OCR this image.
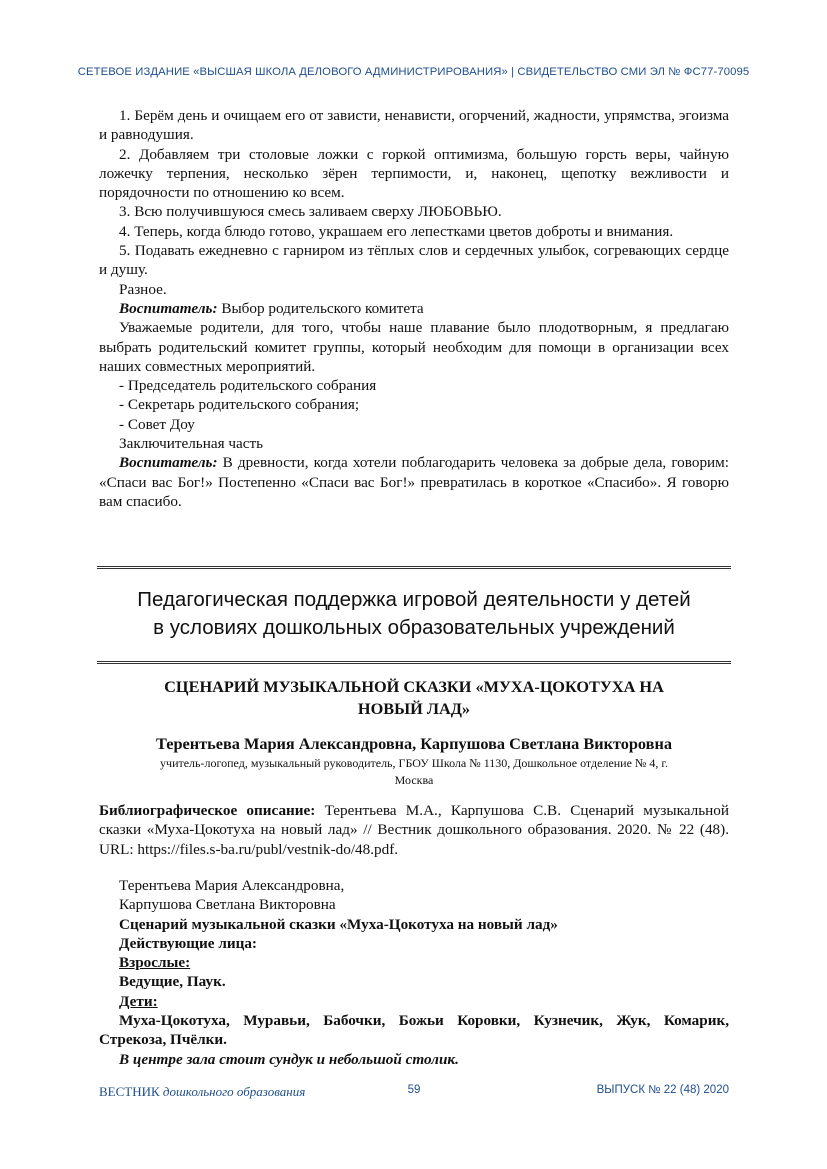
СЕТЕВОЕ ИЗДАНИЕ «ВЫСШАЯ ШКОЛА ДЕЛОВОГО АДМИНИСТРИРОВАНИЯ» | СВИДЕТЕЛЬСТВО СМИ ЭЛ № ФС77-70095

1. Берём день и очищаем его от зависти, ненависти, огорчений, жадности, упрямства, эгоизма и равнодушия.

2. Добавляем три столовые ложки с горкой оптимизма, большую горсть веры, чайную ложечку терпения, несколько зёрен терпимости, и, наконец, щепотку вежливости и порядочности по отношению ко всем.

3. Всю получившуюся смесь заливаем сверху ЛЮБОВЬЮ.

4. Теперь, когда блюдо готово, украшаем его лепестками цветов доброты и внимания.

5. Подавать ежедневно с гарниром из тёплых слов и сердечных улыбок, согревающих сердце и душу.

Разное.

Воспитатель: Выбор родительского комитета

Уважаемые родители, для того, чтобы наше плавание было плодотворным, я предлагаю выбрать родительский комитет группы, который необходим для помощи в организации всех наших совместных мероприятий.

- Председатель родительского собрания

- Секретарь родительского собрания;

- Совет Доу

Заключительная часть

Воспитатель: В древности, когда хотели поблагодарить человека за добрые дела, говорим: «Спаси вас Бог!» Постепенно «Спаси вас Бог!» превратилась в короткое «Спасибо». Я говорю вам спасибо.

Педагогическая поддержка игровой деятельности у детей
в условиях дошкольных образовательных учреждений
СЦЕНАРИЙ МУЗЫКАЛЬНОЙ СКАЗКИ «МУХА-ЦОКОТУХА НА
НОВЫЙ ЛАД»
Терентьева Мария Александровна, Карпушова Светлана Викторовна
учитель-логопед, музыкальный руководитель, ГБОУ Школа № 1130, Дошкольное отделение № 4, г.
Москва
Библиографическое описание: Терентьева М.А., Карпушова С.В. Сценарий музыкальной сказки «Муха-Цокотуха на новый лад» // Вестник дошкольного образования. 2020. № 22 (48). URL: https://files.s-ba.ru/publ/vestnik-do/48.pdf.

Терентьева Мария Александровна,

Карпушова Светлана Викторовна

Сценарий музыкальной сказки «Муха-Цокотуха на новый лад»

Действующие лица:

Взрослые:

Ведущие, Паук.

Дети:

Муха-Цокотуха, Муравьи, Бабочки, Божьи Коровки, Кузнечик, Жук, Комарик, Стрекоза, Пчёлки.

В центре зала стоит сундук и небольшой столик.

ВЕСТНИК дошкольного образования	59	ВЫПУСК № 22 (48) 2020
